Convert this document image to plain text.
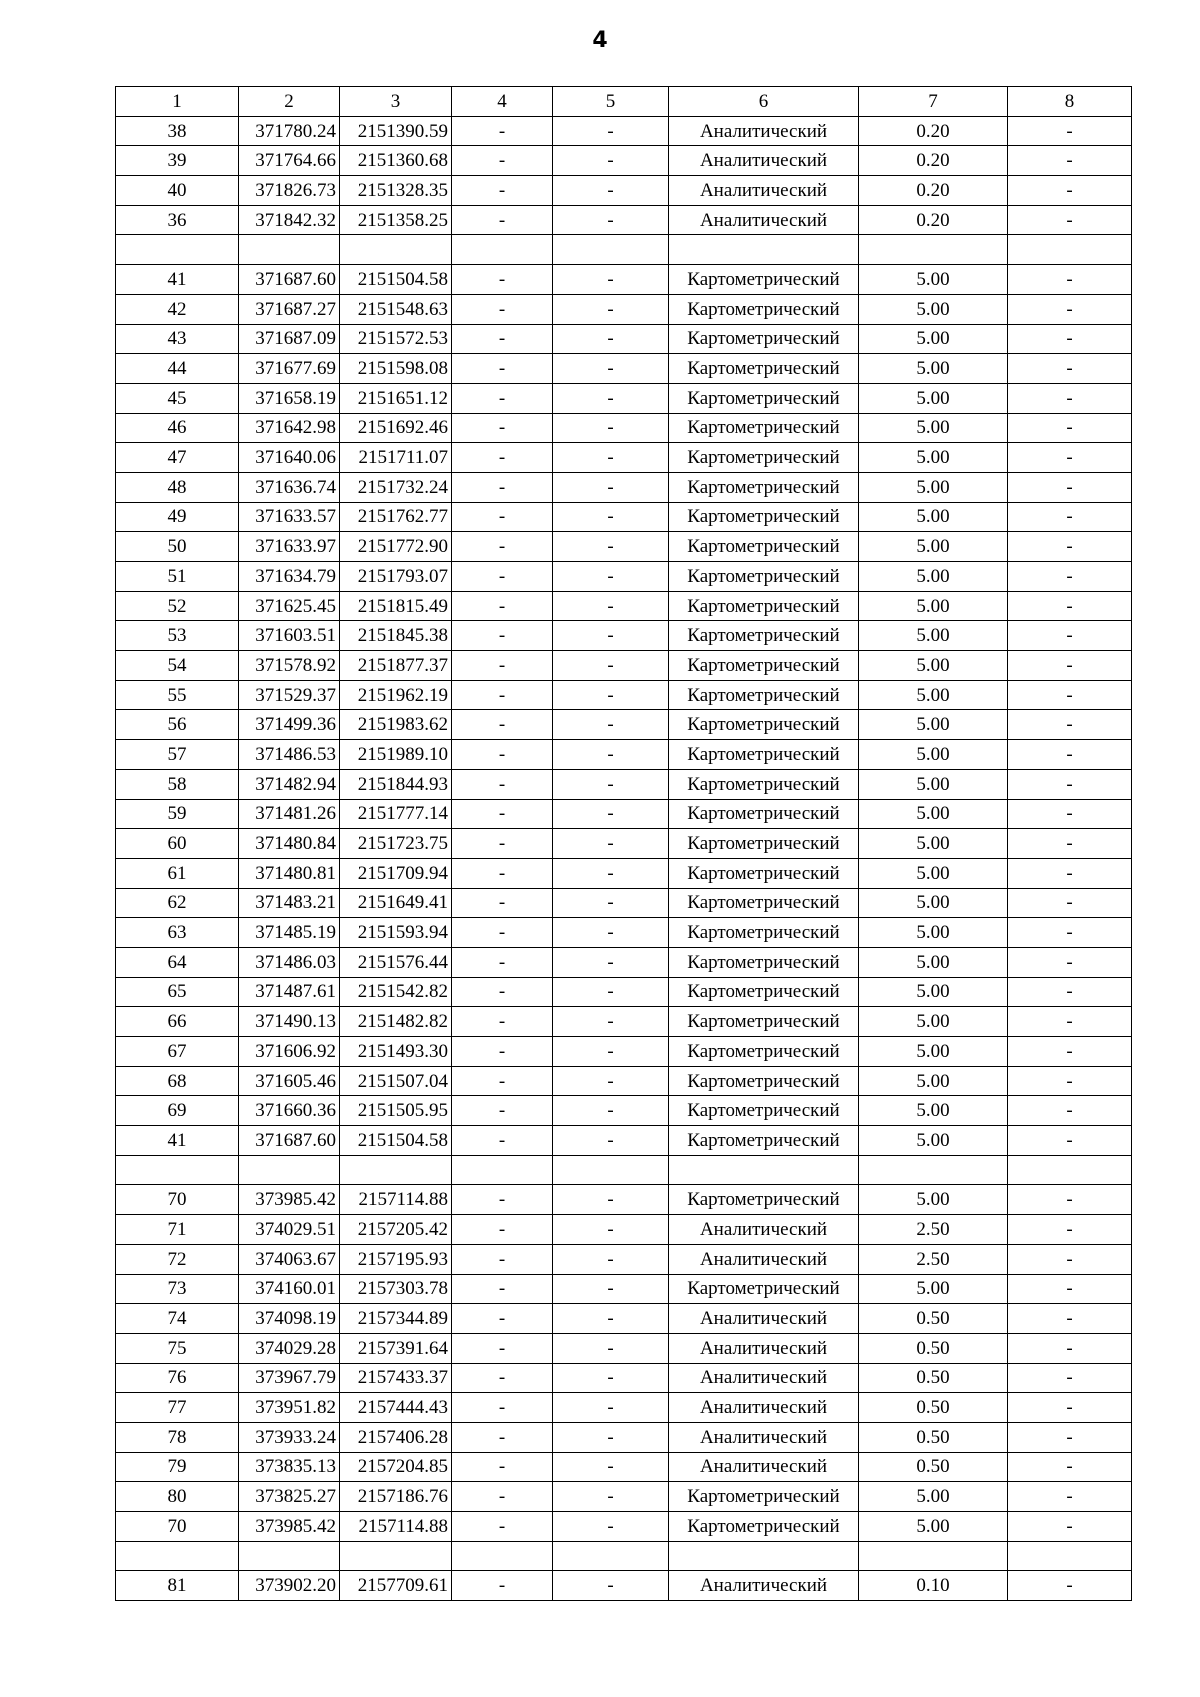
4
1	2	3	4	5	6	7	8
38	371780.24	2151390.59	-	-	Аналитический	0.20	-
39	371764.66	2151360.68	-	-	Аналитический	0.20	-
40	371826.73	2151328.35	-	-	Аналитический	0.20	-
36	371842.32	2151358.25	-	-	Аналитический	0.20	-

41	371687.60	2151504.58	-	-	Картометрический	5.00	-
42	371687.27	2151548.63	-	-	Картометрический	5.00	-
43	371687.09	2151572.53	-	-	Картометрический	5.00	-
44	371677.69	2151598.08	-	-	Картометрический	5.00	-
45	371658.19	2151651.12	-	-	Картометрический	5.00	-
46	371642.98	2151692.46	-	-	Картометрический	5.00	-
47	371640.06	2151711.07	-	-	Картометрический	5.00	-
48	371636.74	2151732.24	-	-	Картометрический	5.00	-
49	371633.57	2151762.77	-	-	Картометрический	5.00	-
50	371633.97	2151772.90	-	-	Картометрический	5.00	-
51	371634.79	2151793.07	-	-	Картометрический	5.00	-
52	371625.45	2151815.49	-	-	Картометрический	5.00	-
53	371603.51	2151845.38	-	-	Картометрический	5.00	-
54	371578.92	2151877.37	-	-	Картометрический	5.00	-
55	371529.37	2151962.19	-	-	Картометрический	5.00	-
56	371499.36	2151983.62	-	-	Картометрический	5.00	-
57	371486.53	2151989.10	-	-	Картометрический	5.00	-
58	371482.94	2151844.93	-	-	Картометрический	5.00	-
59	371481.26	2151777.14	-	-	Картометрический	5.00	-
60	371480.84	2151723.75	-	-	Картометрический	5.00	-
61	371480.81	2151709.94	-	-	Картометрический	5.00	-
62	371483.21	2151649.41	-	-	Картометрический	5.00	-
63	371485.19	2151593.94	-	-	Картометрический	5.00	-
64	371486.03	2151576.44	-	-	Картометрический	5.00	-
65	371487.61	2151542.82	-	-	Картометрический	5.00	-
66	371490.13	2151482.82	-	-	Картометрический	5.00	-
67	371606.92	2151493.30	-	-	Картометрический	5.00	-
68	371605.46	2151507.04	-	-	Картометрический	5.00	-
69	371660.36	2151505.95	-	-	Картометрический	5.00	-
41	371687.60	2151504.58	-	-	Картометрический	5.00	-

70	373985.42	2157114.88	-	-	Картометрический	5.00	-
71	374029.51	2157205.42	-	-	Аналитический	2.50	-
72	374063.67	2157195.93	-	-	Аналитический	2.50	-
73	374160.01	2157303.78	-	-	Картометрический	5.00	-
74	374098.19	2157344.89	-	-	Аналитический	0.50	-
75	374029.28	2157391.64	-	-	Аналитический	0.50	-
76	373967.79	2157433.37	-	-	Аналитический	0.50	-
77	373951.82	2157444.43	-	-	Аналитический	0.50	-
78	373933.24	2157406.28	-	-	Аналитический	0.50	-
79	373835.13	2157204.85	-	-	Аналитический	0.50	-
80	373825.27	2157186.76	-	-	Картометрический	5.00	-
70	373985.42	2157114.88	-	-	Картометрический	5.00	-

81	373902.20	2157709.61	-	-	Аналитический	0.10	-
